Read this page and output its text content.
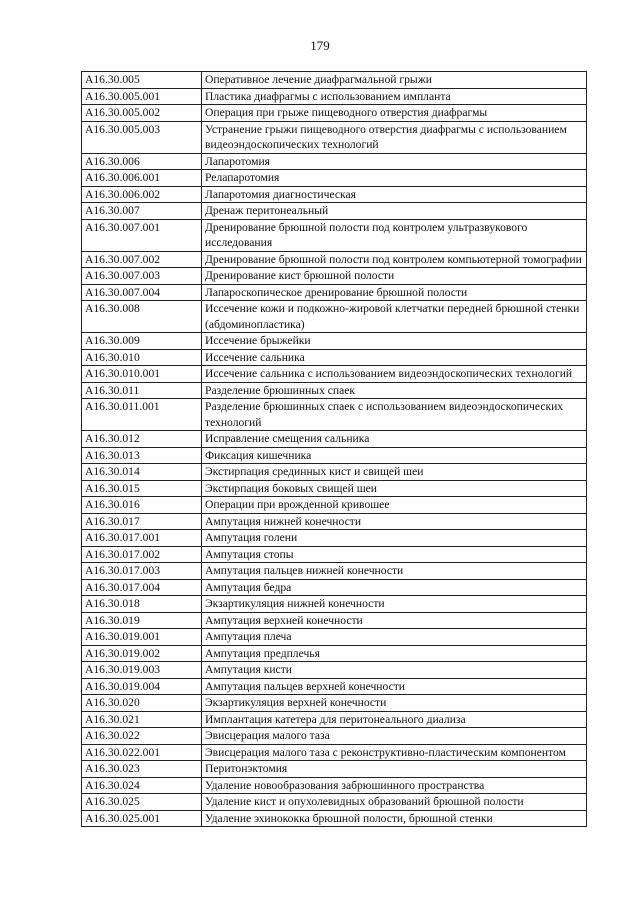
179
A16.30.005	Оперативное лечение диафрагмальной грыжи
A16.30.005.001	Пластика диафрагмы с использованием импланта
A16.30.005.002	Операция при грыже пищеводного отверстия диафрагмы
A16.30.005.003	Устранение грыжи пищеводного отверстия диафрагмы с использованием видеоэндоскопических технологий
A16.30.006	Лапаротомия
A16.30.006.001	Релапаротомия
A16.30.006.002	Лапаротомия диагностическая
A16.30.007	Дренаж перитонеальный
A16.30.007.001	Дренирование брюшной полости под контролем ультразвукового исследования
A16.30.007.002	Дренирование брюшной полости под контролем компьютерной томографии
A16.30.007.003	Дренирование кист брюшной полости
A16.30.007.004	Лапароскопическое дренирование брюшной полости
A16.30.008	Иссечение кожи и подкожно-жировой клетчатки передней брюшной стенки (абдоминопластика)
A16.30.009	Иссечение брыжейки
A16.30.010	Иссечение сальника
A16.30.010.001	Иссечение сальника с использованием видеоэндоскопических технологий
A16.30.011	Разделение брюшинных спаек
A16.30.011.001	Разделение брюшинных спаек с использованием видеоэндоскопических технологий
A16.30.012	Исправление смещения сальника
A16.30.013	Фиксация кишечника
A16.30.014	Экстирпация срединных кист и свищей шеи
A16.30.015	Экстирпация боковых свищей шеи
A16.30.016	Операции при врожденной кривошее
A16.30.017	Ампутация нижней конечности
A16.30.017.001	Ампутация голени
A16.30.017.002	Ампутация стопы
A16.30.017.003	Ампутация пальцев нижней конечности
A16.30.017.004	Ампутация бедра
A16.30.018	Экзартикуляция нижней конечности
A16.30.019	Ампутация верхней конечности
A16.30.019.001	Ампутация плеча
A16.30.019.002	Ампутация предплечья
A16.30.019.003	Ампутация кисти
A16.30.019.004	Ампутация пальцев верхней конечности
A16.30.020	Экзартикуляция верхней конечности
A16.30.021	Имплантация катетера для перитонеального диализа
A16.30.022	Эвисцерация малого таза
A16.30.022.001	Эвисцерация малого таза с реконструктивно-пластическим компонентом
A16.30.023	Перитонэктомия
A16.30.024	Удаление новообразования забрюшинного пространства
A16.30.025	Удаление кист и опухолевидных образований брюшной полости
A16.30.025.001	Удаление эхинококка брюшной полости, брюшной стенки
